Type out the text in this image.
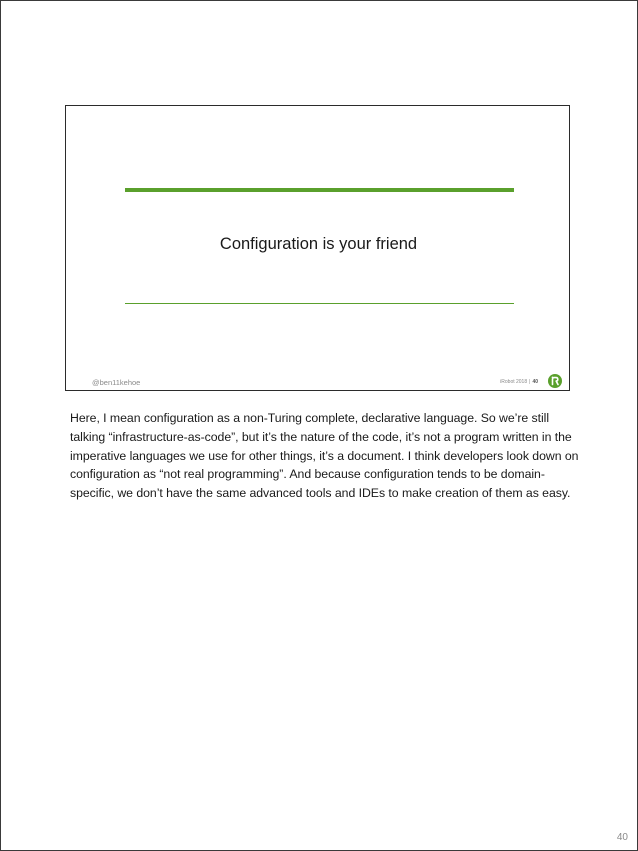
Configuration is your friend
@ben11kehoe	iRobot 2018 | 40

Here, I mean configuration as a non-Turing complete, declarative language. So we’re still talking “infrastructure-as-code”, but it’s the nature of the code, it’s not a program written in the imperative languages we use for other things, it’s a document. I think developers look down on configuration as “not real programming”. And because configuration tends to be domain-specific, we don’t have the same advanced tools and IDEs to make creation of them as easy.

40
